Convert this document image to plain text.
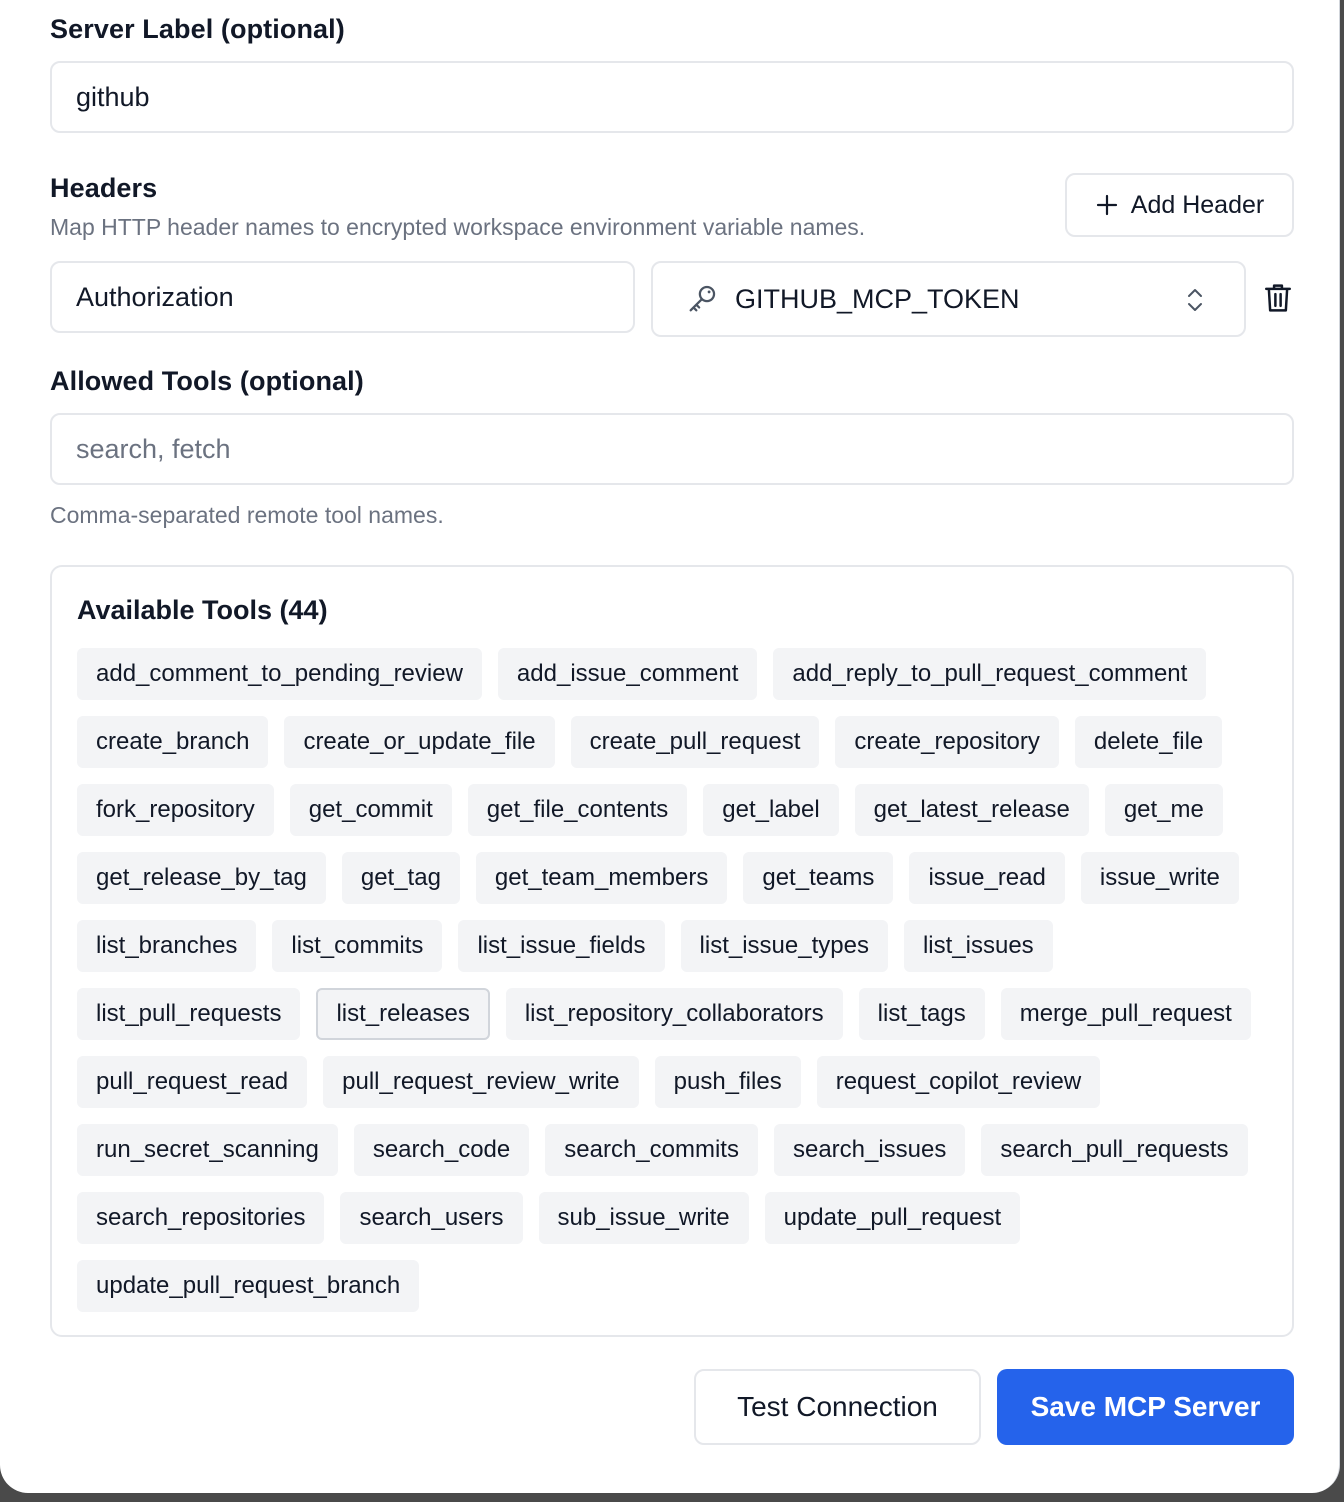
Server Label (optional)
github
Headers
Map HTTP header names to encrypted workspace environment variable names.
Add Header
Authorization	GITHUB_MCP_TOKEN
Allowed Tools (optional)
search, fetch
Comma-separated remote tool names.
Available Tools (44)
add_comment_to_pending_review	add_issue_comment	add_reply_to_pull_request_comment
create_branch	create_or_update_file	create_pull_request	create_repository	delete_file
fork_repository	get_commit	get_file_contents	get_label	get_latest_release	get_me
get_release_by_tag	get_tag	get_team_members	get_teams	issue_read	issue_write
list_branches	list_commits	list_issue_fields	list_issue_types	list_issues
list_pull_requests	list_releases	list_repository_collaborators	list_tags	merge_pull_request
pull_request_read	pull_request_review_write	push_files	request_copilot_review
run_secret_scanning	search_code	search_commits	search_issues	search_pull_requests
search_repositories	search_users	sub_issue_write	update_pull_request
update_pull_request_branch
Test Connection	Save MCP Server
